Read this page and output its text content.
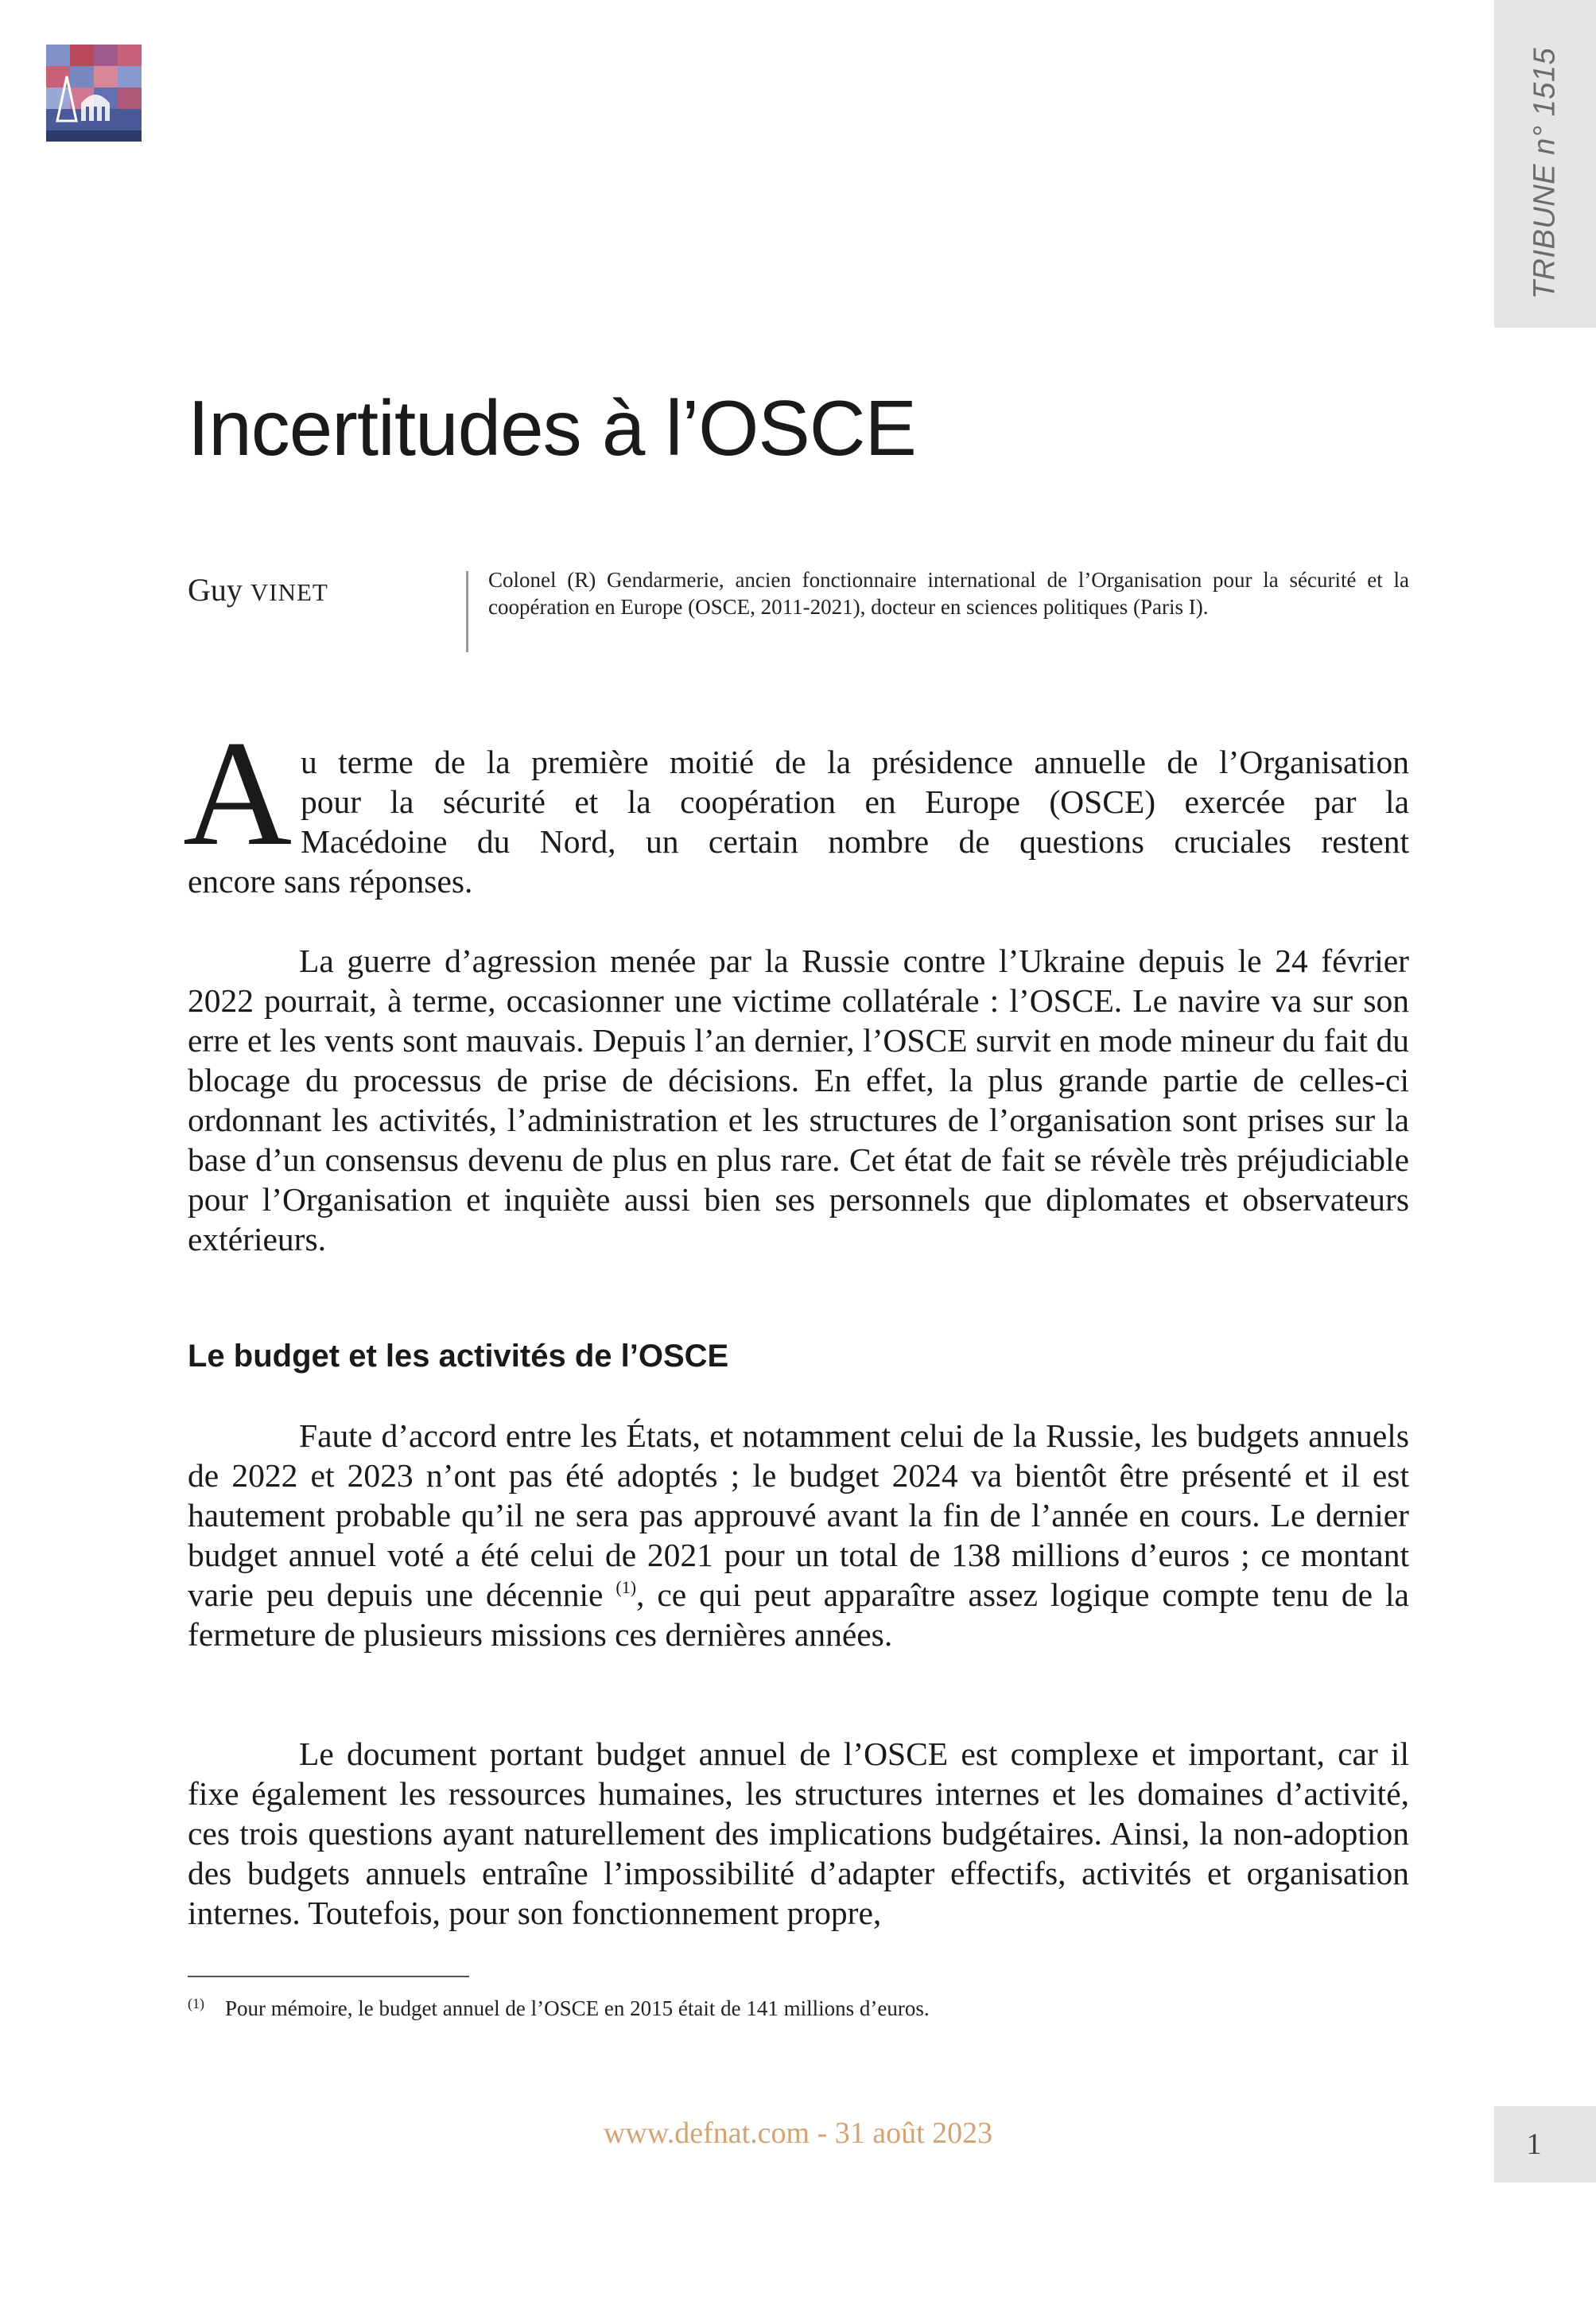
TRIBUNE n° 1515
Incertitudes à l’OSCE
Guy VINET	Colonel (R) Gendarmerie, ancien fonctionnaire international de l’Organisation pour la sécurité et la coopération en Europe (OSCE, 2011-2021), docteur en sciences politiques (Paris I).
A u terme de la première moitié de la présidence annuelle de l’Organisation
pour la sécurité et la coopération en Europe (OSCE) exercée par la
Macédoine du Nord, un certain nombre de questions cruciales restent
encore sans réponses.

La guerre d’agression menée par la Russie contre l’Ukraine depuis le 24 février 2022 pourrait, à terme, occasionner une victime collatérale : l’OSCE. Le navire va sur son erre et les vents sont mauvais. Depuis l’an dernier, l’OSCE survit en mode mineur du fait du blocage du processus de prise de décisions. En effet, la plus grande partie de celles-ci ordonnant les activités, l’administration et les structures de l’organisation sont prises sur la base d’un consensus devenu de plus en plus rare. Cet état de fait se révèle très préjudiciable pour l’Organisation et inquiète aussi bien ses personnels que diplomates et observateurs extérieurs.

Le budget et les activités de l’OSCE

Faute d’accord entre les États, et notamment celui de la Russie, les budgets annuels de 2022 et 2023 n’ont pas été adoptés ; le budget 2024 va bientôt être présenté et il est hautement probable qu’il ne sera pas approuvé avant la fin de l’année en cours. Le dernier budget annuel voté a été celui de 2021 pour un total de 138 millions d’euros ; ce montant varie peu depuis une décennie $^{(1)}$, ce qui peut apparaître assez logique compte tenu de la fermeture de plusieurs missions ces dernières années.

Le document portant budget annuel de l’OSCE est complexe et important, car il fixe également les ressources humaines, les structures internes et les domaines d’activité, ces trois questions ayant naturellement des implications budgétaires. Ainsi, la non-adoption des budgets annuels entraîne l’impossibilité d’adapter effectifs, activités et organisation internes. Toutefois, pour son fonctionnement propre,

$^{(1)}$ Pour mémoire, le budget annuel de l’OSCE en 2015 était de 141 millions d’euros.
www.defnat.com - 31 août 2023	1
